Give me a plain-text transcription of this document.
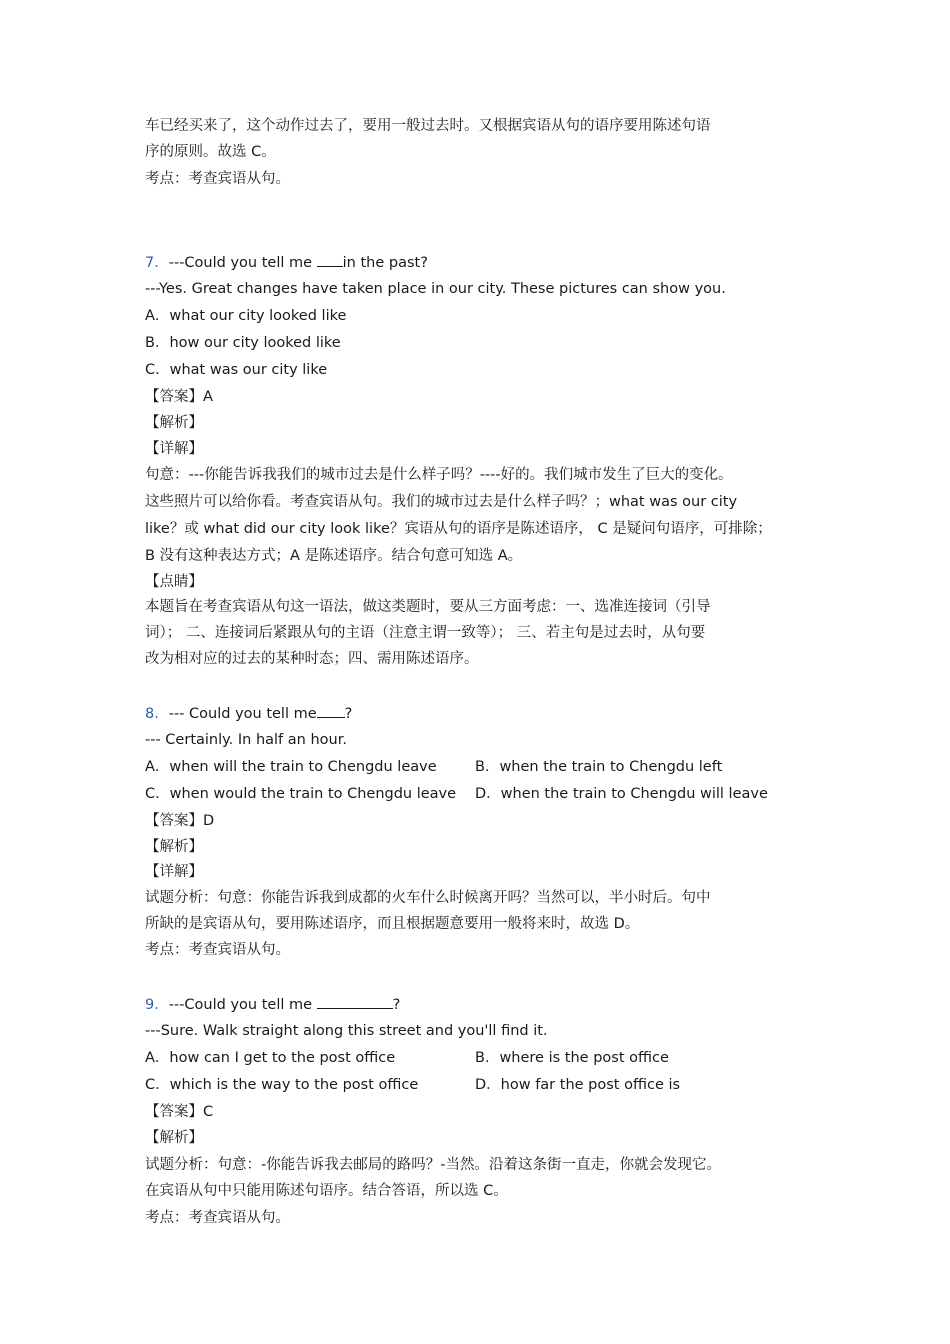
车已经买来了，这个动作过去了，要用一般过去时。又根据宾语从句的语序要用陈述句语
序的原则。故选 C。
考点：考查宾语从句。
7．---Could you tell me in the past?
---Yes. Great changes have taken place in our city. These pictures can show you.
A．what our city looked like
B．how our city looked like
C．what was our city like
【答案】A
【解析】
【详解】
句意：---你能告诉我我们的城市过去是什么样子吗？----好的。我们城市发生了巨大的变化。
这些照片可以给你看。考查宾语从句。我们的城市过去是什么样子吗？；what was our city
like？或 what did our city look like？宾语从句的语序是陈述语序， C 是疑问句语序，可排除；
B 没有这种表达方式；A 是陈述语序。结合句意可知选 A。
【点睛】
本题旨在考查宾语从句这一语法，做这类题时，要从三方面考虑：一、选准连接词（引导
词）； 二、连接词后紧跟从句的主语（注意主谓一致等）； 三、若主句是过去时，从句要
改为相对应的过去的某种时态；四、需用陈述语序。
8．--- Could you tell me ?
--- Certainly. In half an hour.
A．when will the train to Chengdu leave	B．when the train to Chengdu left
C．when would the train to Chengdu leave D．when the train to Chengdu will leave
【答案】D
【解析】
【详解】
试题分析：句意：你能告诉我到成都的火车什么时候离开吗？当然可以，半小时后。句中
所缺的是宾语从句，要用陈述语序，而且根据题意要用一般将来时，故选 D。
考点：考查宾语从句。
9．---Could you tell me	?
---Sure. Walk straight along this street and you'll find it.
A．how can I get to the post office	B．where is the post office
C．which is the way to the post office	D．how far the post office is
【答案】C
【解析】
试题分析：句意：-你能告诉我去邮局的路吗？-当然。沿着这条街一直走，你就会发现它。
在宾语从句中只能用陈述句语序。结合答语，所以选 C。
考点：考查宾语从句。
